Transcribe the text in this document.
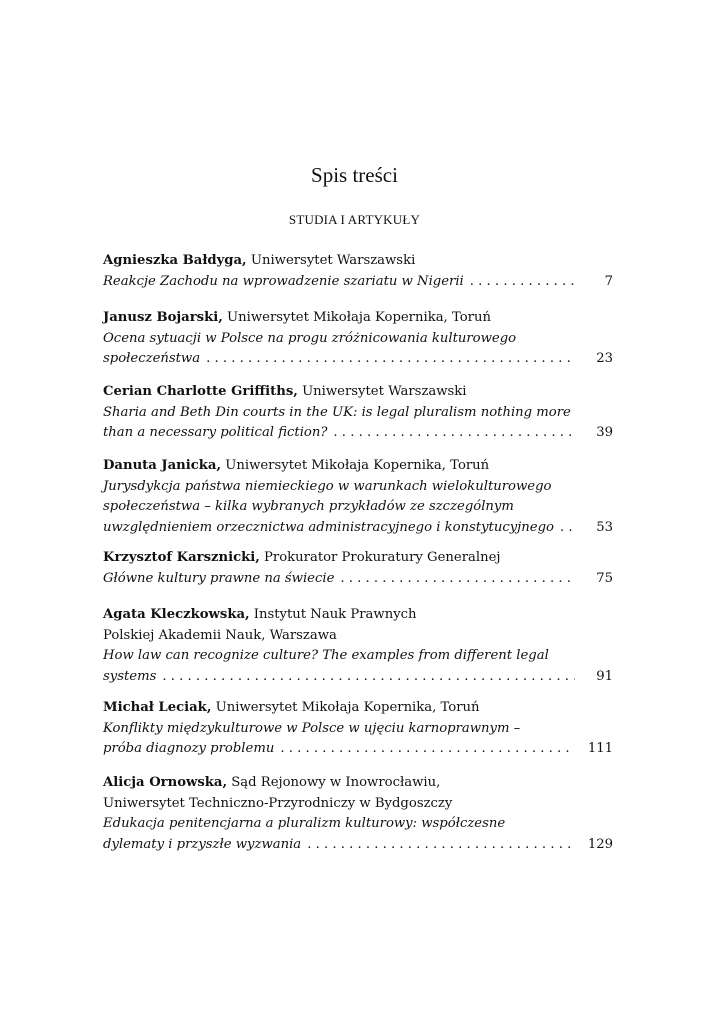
Spis treści
STUDIA I ARTYKUŁY
Agnieszka Bałdyga, Uniwersytet Warszawski
Reakcje Zachodu na wprowadzenie szariatu w Nigerii . . .	7
Janusz Bojarski, Uniwersytet Mikołaja Kopernika, Toruń
Ocena sytuacji w Polsce na progu zróżnicowania kulturowego
społeczeństwa . . .	23
Cerian Charlotte Griffiths, Uniwersytet Warszawski
Sharia and Beth Din courts in the UK: is legal pluralism nothing more
than a necessary political fiction? . . .	39
Danuta Janicka, Uniwersytet Mikołaja Kopernika, Toruń
Jurysdykcja państwa niemieckiego w warunkach wielokulturowego
społeczeństwa – kilka wybranych przykładów ze szczególnym
uwzględnieniem orzecznictwa administracyjnego i konstytucyjnego . . .	53
Krzysztof Karsznicki, Prokurator Prokuratury Generalnej
Główne kultury prawne na świecie . . .	75
Agata Kleczkowska, Instytut Nauk Prawnych
Polskiej Akademii Nauk, Warszawa
How law can recognize culture? The examples from different legal
systems . . .	91
Michał Leciak, Uniwersytet Mikołaja Kopernika, Toruń
Konflikty międzykulturowe w Polsce w ujęciu karnoprawnym –
próba diagnozy problemu . . .	111
Alicja Ornowska, Sąd Rejonowy w Inowrocławiu,
Uniwersytet Techniczno-Przyrodniczy w Bydgoszczy
Edukacja penitencjarna a pluralizm kulturowy: współczesne
dylematy i przyszłe wyzwania . . .	129
